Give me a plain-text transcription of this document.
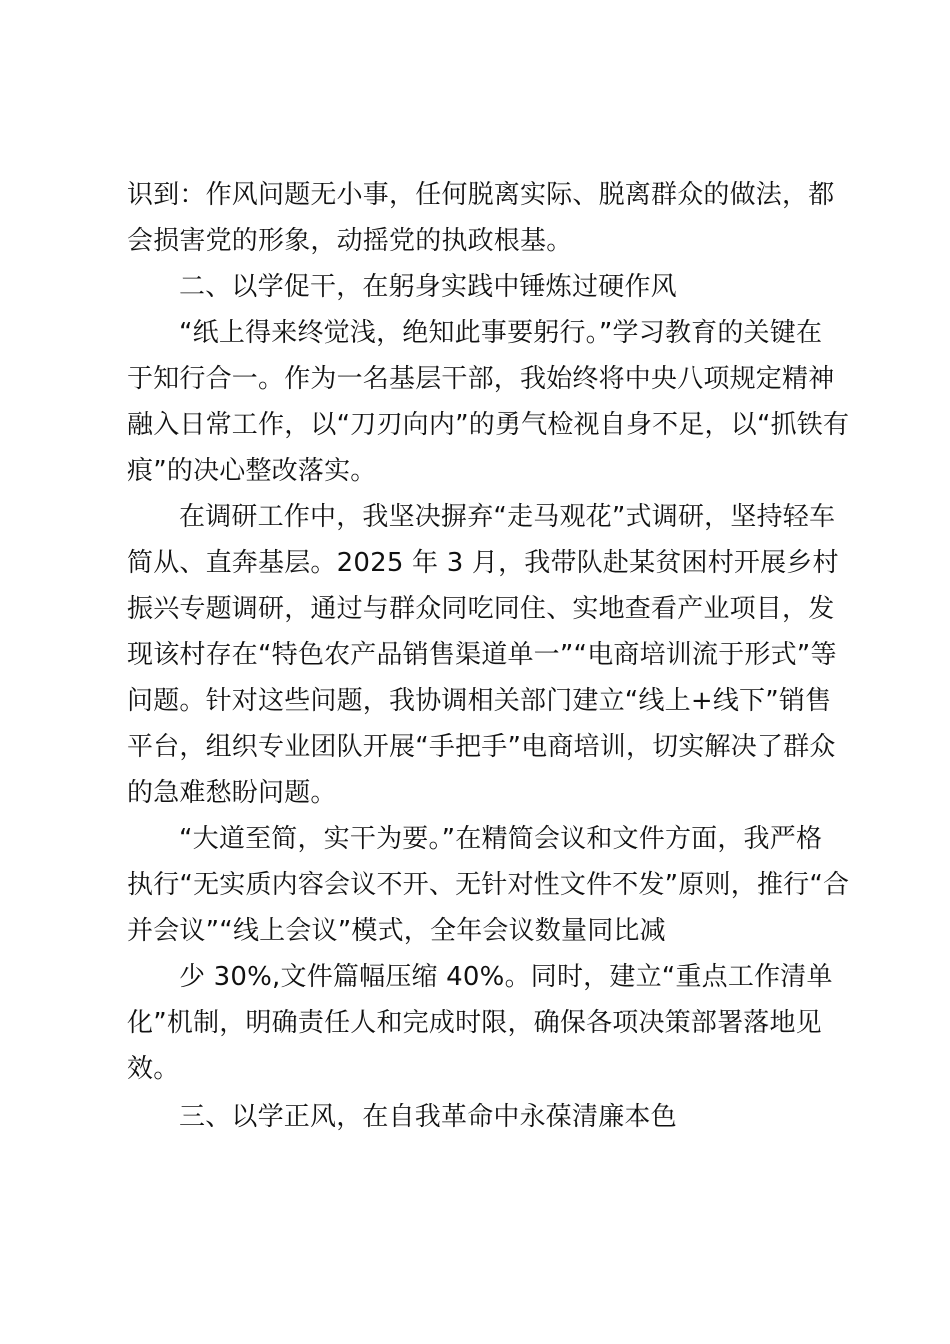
识到：作风问题无小事，任何脱离实际、脱离群众的做法，都
会损害党的形象，动摇党的执政根基。
二、以学促干，在躬身实践中锤炼过硬作风
“纸上得来终觉浅，绝知此事要躬行。”学习教育的关键在
于知行合一。作为一名基层干部，我始终将中央八项规定精神
融入日常工作，以“刀刃向内”的勇气检视自身不足，以“抓铁有
痕”的决心整改落实。
在调研工作中，我坚决摒弃“走马观花”式调研，坚持轻车
简从、直奔基层。2025 年 3 月，我带队赴某贫困村开展乡村
振兴专题调研，通过与群众同吃同住、实地查看产业项目，发
现该村存在“特色农产品销售渠道单一”“电商培训流于形式”等
问题。针对这些问题，我协调相关部门建立“线上+线下”销售
平台，组织专业团队开展“手把手”电商培训，切实解决了群众
的急难愁盼问题。
“大道至简，实干为要。”在精简会议和文件方面，我严格
执行“无实质内容会议不开、无针对性文件不发”原则，推行“合
并会议”“线上会议”模式，全年会议数量同比减
少 30%,文件篇幅压缩 40%。同时，建立“重点工作清单
化”机制，明确责任人和完成时限，确保各项决策部署落地见
效。
三、以学正风，在自我革命中永葆清廉本色
